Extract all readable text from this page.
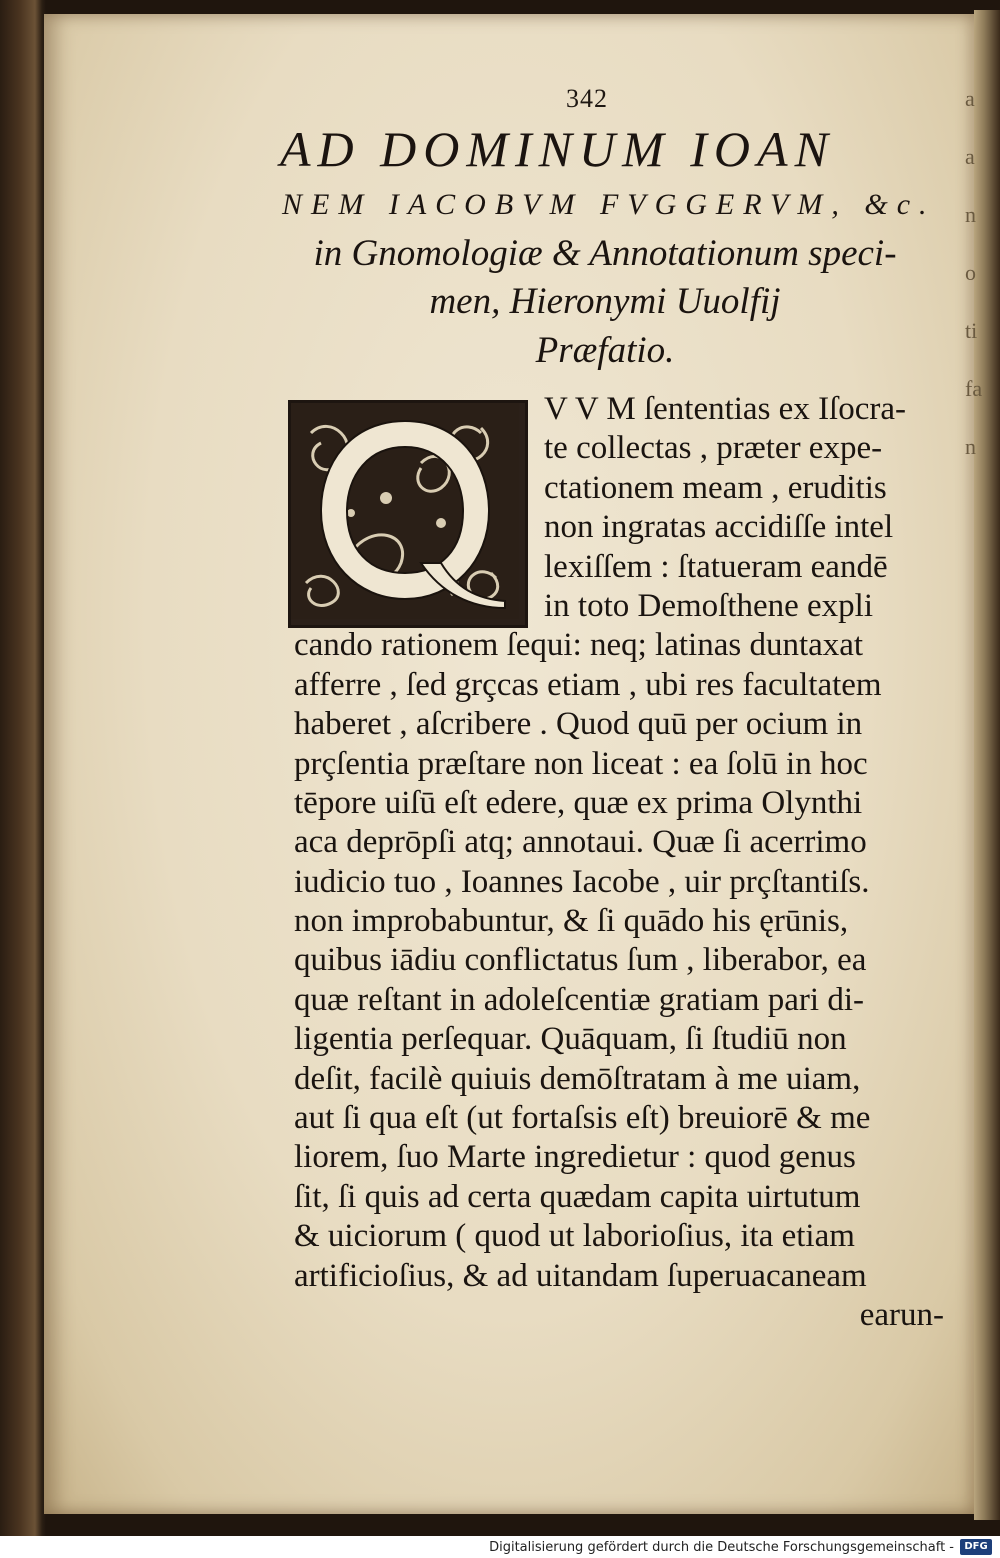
a
a
n
o
ti
fa
n
342
AD DOMINUM IOAN
NEM IACOBVM FVGGERVM, &c.
in Gnomologiæ & Annotationum speci-
men, Hieronymi Uuolfij
Præfatio.
V V M ſententias ex Iſocra-
te collectas , præter expe-
ctationem meam , eruditis
non ingratas accidiſſe intel
lexiſſem : ſtatueram eandē
in toto Demoſthene expli
cando rationem ſequi: neq; latinas duntaxat
afferre , ſed grçcas etiam , ubi res facultatem
haberet , aſcribere . Quod quū per ocium in
prçſentia præſtare non liceat : ea ſolū in hoc
tēpore uiſū eſt edere, quæ ex prima Olynthi
aca deprōpſi atq; annotaui. Quæ ſi acerrimo
iudicio tuo , Ioannes Iacobe , uir prçſtantiſs.
non improbabuntur, & ſi quādo his ęrūnis,
quibus iādiu conflictatus ſum , liberabor, ea
quæ reſtant in adoleſcentiæ gratiam pari di-
ligentia perſequar. Quāquam, ſi ſtudiū non
deſit, facilè quiuis demōſtratam à me uiam,
aut ſi qua eſt (ut fortaſsis eſt) breuiorē & me
liorem, ſuo Marte ingredietur : quod genus
ſit, ſi quis ad certa quædam capita uirtutum
& uiciorum ( quod ut laborioſius, ita etiam
artificioſius, & ad uitandam ſuperuacaneam
earun-
Digitalisierung gefördert durch die Deutsche Forschungsgemeinschaft -	DFG
